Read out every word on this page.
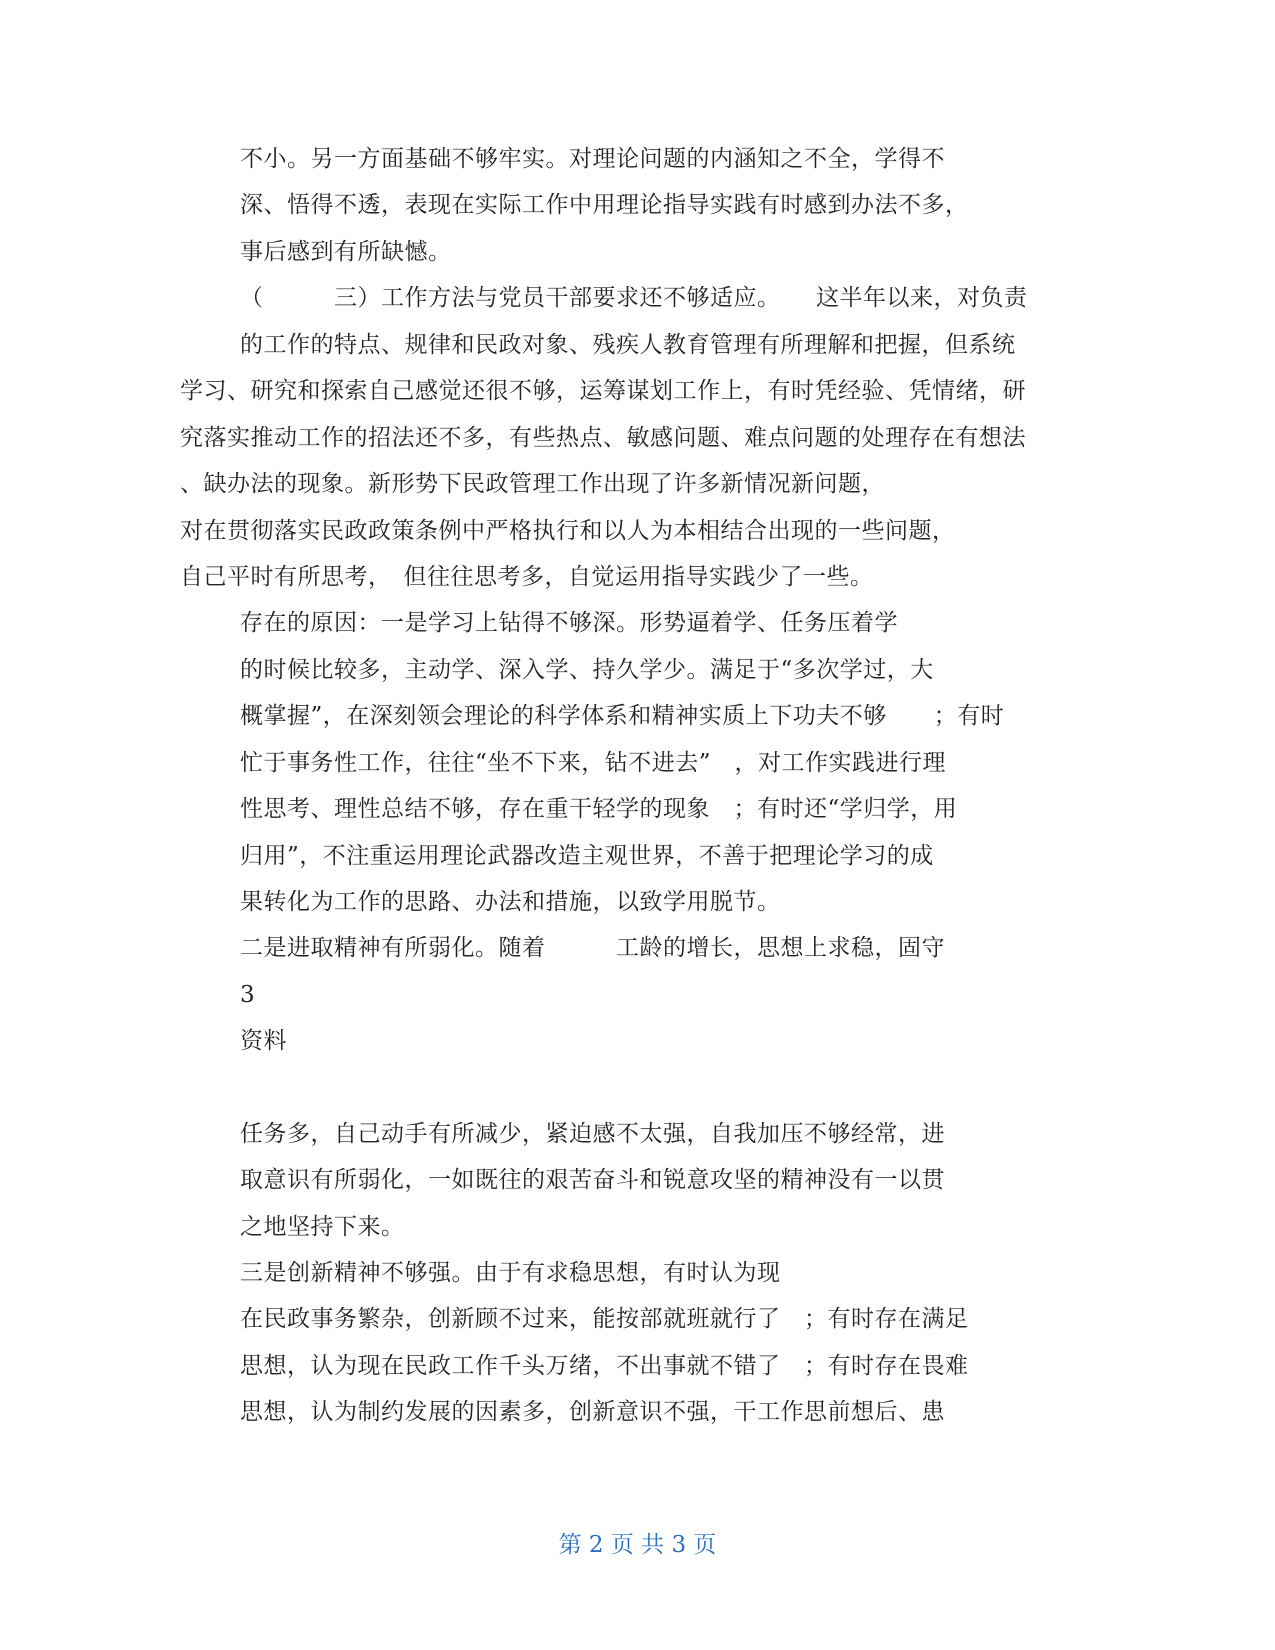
不小。另一方面基础不够牢实。对理论问题的内涵知之不全，学得不
深、悟得不透，表现在实际工作中用理论指导实践有时感到办法不多，
事后感到有所缺憾。
（　　　三）工作方法与党员干部要求还不够适应。　　这半年以来，对负责
的工作的特点、规律和民政对象、残疾人教育管理有所理解和把握，但系统
学习、研究和探索自己感觉还很不够，运筹谋划工作上，有时凭经验、凭情绪，研
究落实推动工作的招法还不多，有些热点、敏感问题、难点问题的处理存在有想法
、缺办法的现象。新形势下民政管理工作出现了许多新情况新问题，
对在贯彻落实民政政策条例中严格执行和以人为本相结合出现的一些问题，
自己平时有所思考，　但往往思考多，自觉运用指导实践少了一些。
存在的原因：一是学习上钻得不够深。形势逼着学、任务压着学
的时候比较多，主动学、深入学、持久学少。满足于“多次学过，大
概掌握”，在深刻领会理论的科学体系和精神实质上下功夫不够　　；有时
忙于事务性工作，往往“坐不下来，钻不进去”　，对工作实践进行理
性思考、理性总结不够，存在重干轻学的现象　；有时还“学归学，用
归用”，不注重运用理论武器改造主观世界，不善于把理论学习的成
果转化为工作的思路、办法和措施，以致学用脱节。
二是进取精神有所弱化。随着　　　工龄的增长，思想上求稳，固守
3
资料
任务多，自己动手有所减少，紧迫感不太强，自我加压不够经常，进
取意识有所弱化，一如既往的艰苦奋斗和锐意攻坚的精神没有一以贯
之地坚持下来。
三是创新精神不够强。由于有求稳思想，有时认为现
在民政事务繁杂，创新顾不过来，能按部就班就行了　；有时存在满足
思想，认为现在民政工作千头万绪，不出事就不错了　；有时存在畏难
思想，认为制约发展的因素多，创新意识不强，干工作思前想后、患
第 2 页 共 3 页
